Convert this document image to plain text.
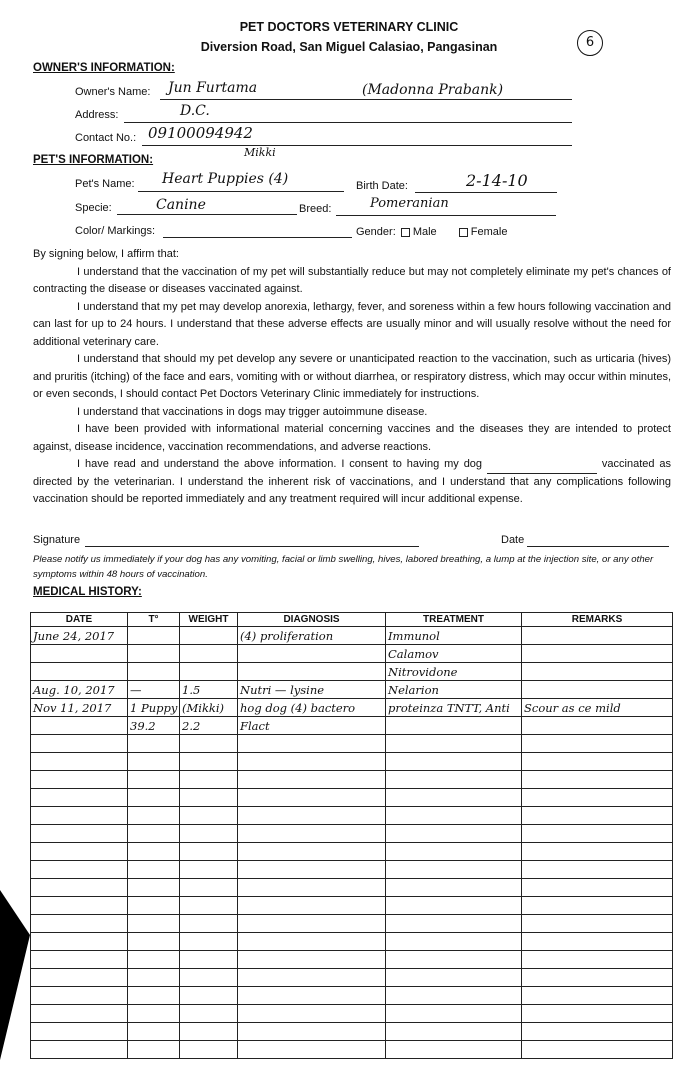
PET DOCTORS VETERINARY CLINIC
Diversion Road, San Miguel Calasiao, Pangasinan	6
OWNER'S INFORMATION:
Owner's Name: Jun Furtama	(Madonna Prabank)
Address:	D.C.
Contact No.: 09100094942
PET'S INFORMATION:
Mikki
Pet's Name: Heart Puppies (4)	Birth Date:	2-14-10
Specie:	Canine	Breed:	Pomeranian
Color/ Markings:	Gender: Male	Female

By signing below, I affirm that:

I understand that the vaccination of my pet will substantially reduce but may not completely eliminate my pet's chances of contracting the disease or diseases vaccinated against.

I understand that my pet may develop anorexia, lethargy, fever, and soreness within a few hours following vaccination and can last for up to 24 hours. I understand that these adverse effects are usually minor and will usually resolve without the need for additional veterinary care.

I understand that should my pet develop any severe or unanticipated reaction to the vaccination, such as urticaria (hives) and pruritis (itching) of the face and ears, vomiting with or without diarrhea, or respiratory distress, which may occur within minutes, or even seconds, I should contact Pet Doctors Veterinary Clinic immediately for instructions.

I understand that vaccinations in dogs may trigger autoimmune disease.

I have been provided with informational material concerning vaccines and the diseases they are intended to protect against, disease incidence, vaccination recommendations, and adverse reactions.

I have read and understand the above information. I consent to having my dog	vaccinated as directed by the veterinarian. I understand the inherent risk of vaccinations, and I understand that any complications following vaccination should be reported immediately and any treatment required will incur additional expense.

Signature	Date
Please notify us immediately if your dog has any vomiting, facial or limb swelling, hives, labored breathing, a lump at the injection site, or any other symptoms within 48 hours of vaccination.
MEDICAL HISTORY:
DATE	T°	WEIGHT	DIAGNOSIS	TREATMENT	REMARKS
June 24, 2017			(4) proliferation	Immunol	
				Calamov	
				Nitrovidone	
Aug. 10, 2017	—	1.5	Nutri — lysine	Nelarion	
Nov 11, 2017	1 Puppy	(Mikki)	hog dog (4) bactero	proteinza TNTT, Anti	Scour as ce mild
	39.2	2.2	Flact		
